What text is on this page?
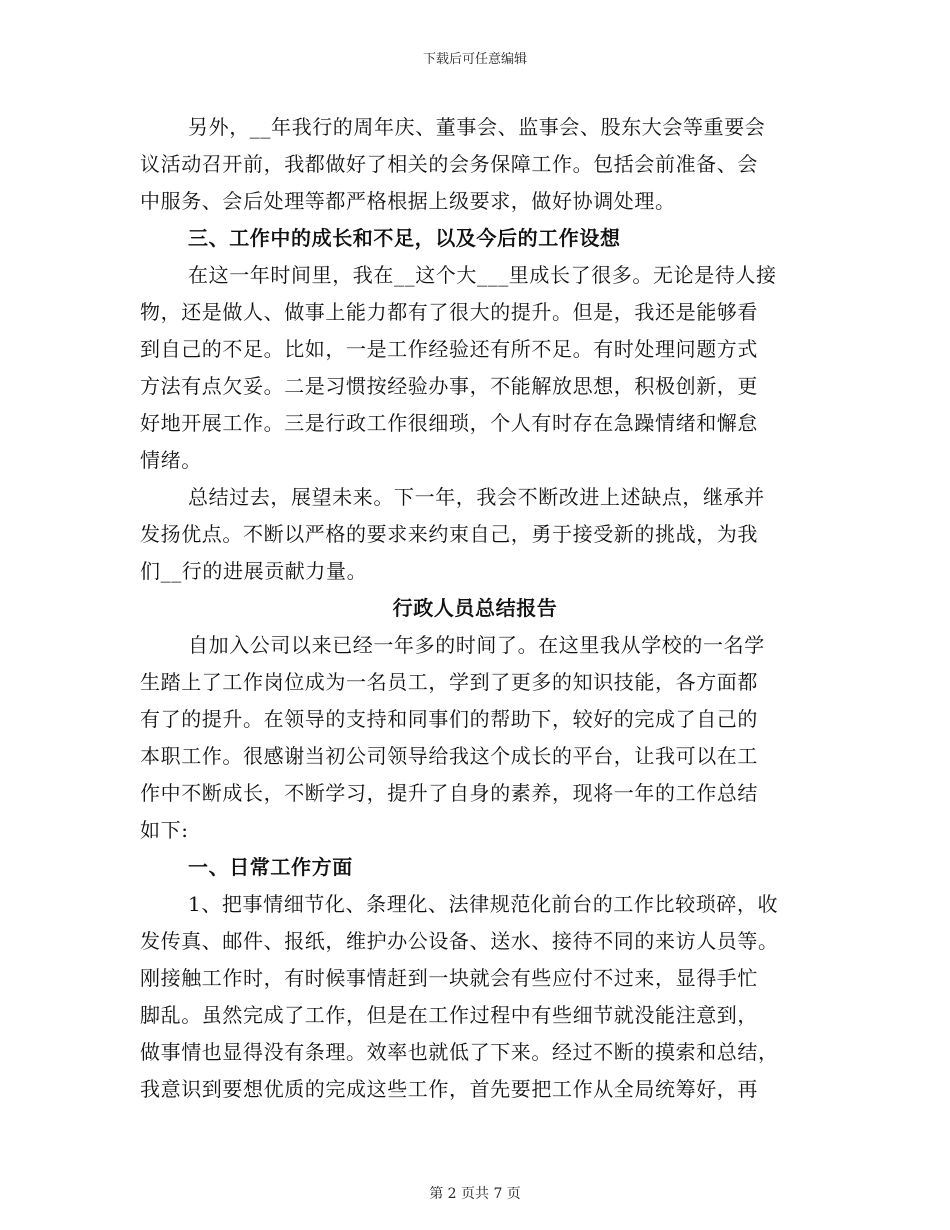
下载后可任意编辑
另外，__年我行的周年庆、董事会、监事会、股东大会等重要会
议活动召开前，我都做好了相关的会务保障工作。包括会前准备、会
中服务、会后处理等都严格根据上级要求，做好协调处理。
三、工作中的成长和不足，以及今后的工作设想
在这一年时间里，我在__这个大___里成长了很多。无论是待人接
物，还是做人、做事上能力都有了很大的提升。但是，我还是能够看
到自己的不足。比如，一是工作经验还有所不足。有时处理问题方式
方法有点欠妥。二是习惯按经验办事，不能解放思想，积极创新，更
好地开展工作。三是行政工作很细琐，个人有时存在急躁情绪和懈怠
情绪。
总结过去，展望未来。下一年，我会不断改进上述缺点，继承并
发扬优点。不断以严格的要求来约束自己，勇于接受新的挑战，为我
们__行的进展贡献力量。
行政人员总结报告
自加入公司以来已经一年多的时间了。在这里我从学校的一名学
生踏上了工作岗位成为一名员工，学到了更多的知识技能，各方面都
有了的提升。在领导的支持和同事们的帮助下，较好的完成了自己的
本职工作。很感谢当初公司领导给我这个成长的平台，让我可以在工
作中不断成长，不断学习，提升了自身的素养，现将一年的工作总结
如下:
一、日常工作方面
1、把事情细节化、条理化、法律规范化前台的工作比较琐碎，收
发传真、邮件、报纸，维护办公设备、送水、接待不同的来访人员等。
刚接触工作时，有时候事情赶到一块就会有些应付不过来，显得手忙
脚乱。虽然完成了工作，但是在工作过程中有些细节就没能注意到，
做事情也显得没有条理。效率也就低了下来。经过不断的摸索和总结，
我意识到要想优质的完成这些工作，首先要把工作从全局统筹好，再
第 2 页共 7 页
